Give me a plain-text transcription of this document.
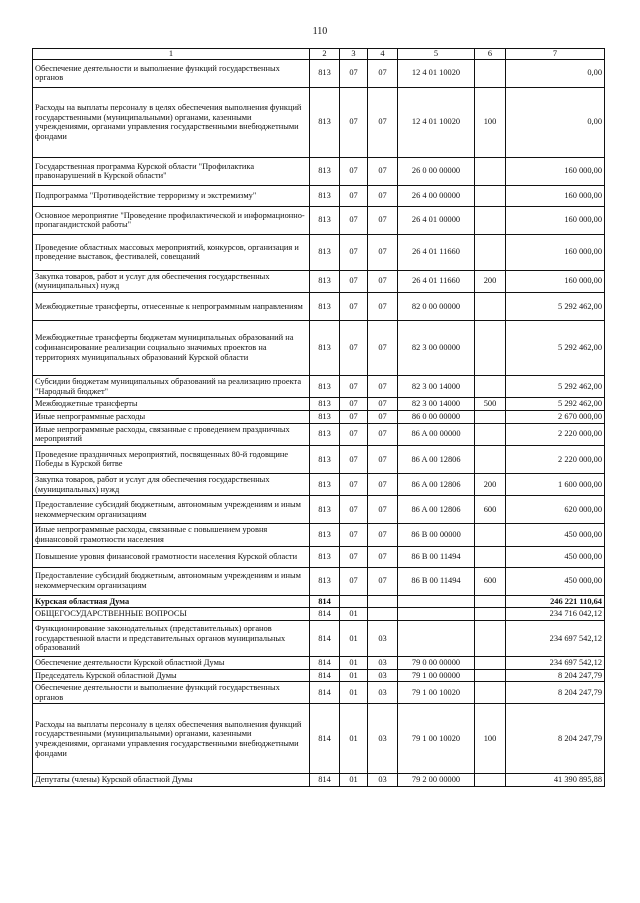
110
1	2	3	4	5	6	7
Обеспечение деятельности и выполнение функций государственных органов	813	07	07	12 4 01 10020		0,00
Расходы на выплаты персоналу в целях обеспечения выполнения функций государственными (муниципальными) органами, казенными учреждениями, органами управления государственными внебюджетными фондами	813	07	07	12 4 01 10020	100	0,00
Государственная программа Курской области "Профилактика правонарушений в Курской области"	813	07	07	26 0 00 00000		160 000,00
Подпрограмма "Противодействие терроризму и экстремизму"	813	07	07	26 4 00 00000		160 000,00
Основное мероприятие "Проведение профилактической и информационно-пропагандистской работы"	813	07	07	26 4 01 00000		160 000,00
Проведение областных массовых мероприятий, конкурсов, организация и проведение выставок, фестивалей, совещаний	813	07	07	26 4 01 11660		160 000,00
Закупка товаров, работ и услуг для обеспечения государственных (муниципальных) нужд	813	07	07	26 4 01 11660	200	160 000,00
Межбюджетные трансферты, отнесенные к непрограммным направлениям	813	07	07	82 0 00 00000		5 292 462,00
Межбюджетные трансферты бюджетам муниципальных образований на софинансирование реализации социально значимых проектов на территориях муниципальных образований Курской области	813	07	07	82 3 00 00000		5 292 462,00
Субсидии бюджетам муниципальных образований на реализацию проекта "Народный бюджет"	813	07	07	82 3 00 14000		5 292 462,00
Межбюджетные трансферты	813	07	07	82 3 00 14000	500	5 292 462,00
Иные непрограммные расходы	813	07	07	86 0 00 00000		2 670 000,00
Иные непрограммные расходы, связанные с проведением праздничных мероприятий	813	07	07	86 A 00 00000		2 220 000,00
Проведение праздничных мероприятий, посвященных 80-й годовщине Победы в Курской битве	813	07	07	86 A 00 12806		2 220 000,00
Закупка товаров, работ и услуг для обеспечения государственных (муниципальных) нужд	813	07	07	86 A 00 12806	200	1 600 000,00
Предоставление субсидий бюджетным, автономным учреждениям и иным некоммерческим организациям	813	07	07	86 A 00 12806	600	620 000,00
Иные непрограммные расходы, связанные с повышением уровня финансовой грамотности населения	813	07	07	86 B 00 00000		450 000,00
Повышение уровня финансовой грамотности населения Курской области	813	07	07	86 B 00 11494		450 000,00
Предоставление субсидий бюджетным, автономным учреждениям и иным некоммерческим организациям	813	07	07	86 B 00 11494	600	450 000,00
Курская областная Дума	814					246 221 110,64
ОБЩЕГОСУДАРСТВЕННЫЕ ВОПРОСЫ	814	01				234 716 042,12
Функционирование законодательных (представительных) органов государственной власти и представительных органов муниципальных образований	814	01	03			234 697 542,12
Обеспечение деятельности Курской областной Думы	814	01	03	79 0 00 00000		234 697 542,12
Председатель Курской областной Думы	814	01	03	79 1 00 00000		8 204 247,79
Обеспечение деятельности и выполнение функций государственных органов	814	01	03	79 1 00 10020		8 204 247,79
Расходы на выплаты персоналу в целях обеспечения выполнения функций государственными (муниципальными) органами, казенными учреждениями, органами управления государственными внебюджетными фондами	814	01	03	79 1 00 10020	100	8 204 247,79
Депутаты (члены) Курской областной Думы	814	01	03	79 2 00 00000		41 390 895,88
